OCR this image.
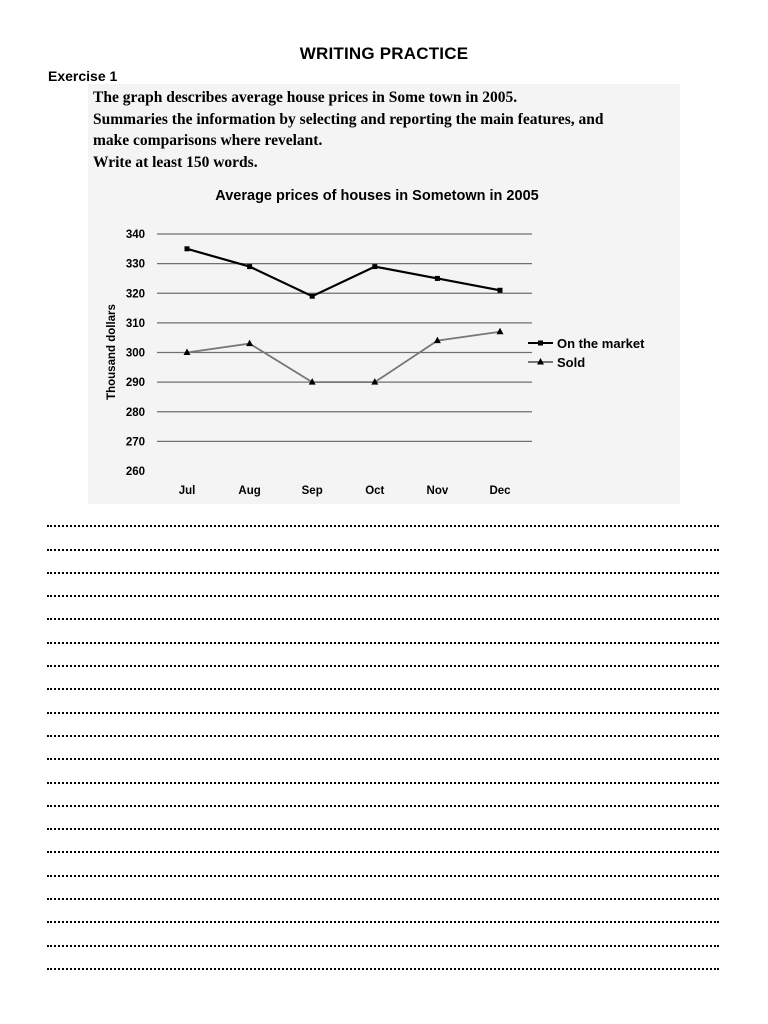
WRITING PRACTICE
Exercise 1
The graph describes average house prices in Some town in 2005.
Summaries the information by selecting and reporting the main features, and
make comparisons where revelant.
Write at least 150 words.
Average prices of houses in Sometown in 2005
340
330
320
310
300
290
280
270
260
Jul	Aug	Sep	Oct	Nov	Dec
Thousand dollars	On the market
Sold
